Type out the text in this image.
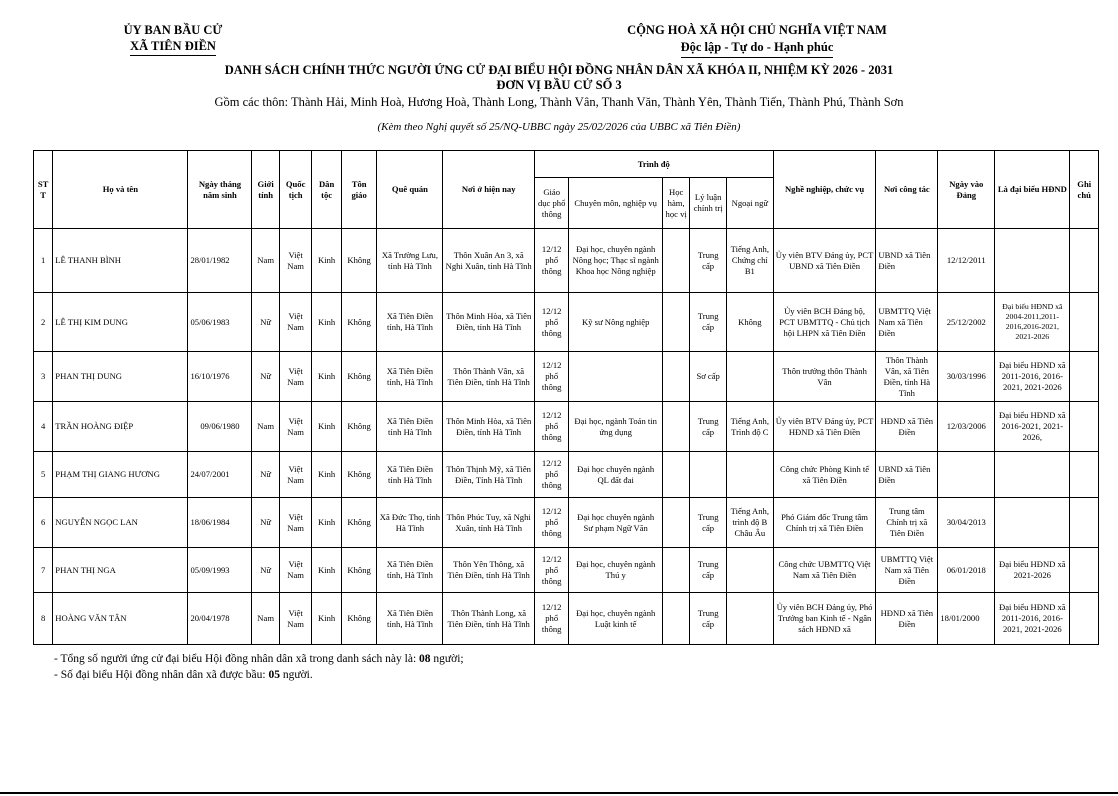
ỦY BAN BẦU CỬ
XÃ TIÊN ĐIỀN
CỘNG HOÀ XÃ HỘI CHỦ NGHĨA VIỆT NAM
Độc lập - Tự do - Hạnh phúc
DANH SÁCH CHÍNH THỨC NGƯỜI ỨNG CỬ ĐẠI BIỂU HỘI ĐỒNG NHÂN DÂN XÃ KHÓA II, NHIỆM KỲ 2026 - 2031
ĐƠN VỊ BẦU CỬ SỐ 3
Gồm các thôn: Thành Hải, Minh Hoà, Hương Hoà, Thành Long, Thành Vân, Thanh Văn, Thành Yên, Thành Tiến, Thành Phú, Thành Sơn
(Kèm theo Nghị quyết số 25/NQ-UBBC ngày 25/02/2026 của UBBC xã Tiên Điền)
STT	Họ và tên	Ngày tháng năm sinh	Giới tính	Quốc tịch	Dân tộc	Tôn giáo	Quê quán	Nơi ở hiện nay	Trình độ					Nghề nghiệp, chức vụ	Nơi công tác	Ngày vào Đảng	Là đại biểu HĐND	Ghi chú
									Giáo dục phổ thông	Chuyên môn, nghiệp vụ	Học hàm, học vị	Lý luận chính trị	Ngoại ngữ					
1	LÊ THANH BÌNH	28/01/1982	Nam	Việt Nam	Kinh	Không	Xã Trường Lưu, tỉnh Hà Tĩnh	Thôn Xuân An 3, xã Nghi Xuân, tỉnh Hà Tĩnh	12/12 phổ thông	Đại học, chuyên ngành Nông học; Thạc sĩ ngành Khoa học Nông nghiệp		Trung cấp	Tiếng Anh, Chứng chỉ B1	Ủy viên BTV Đảng ủy, PCT UBND xã Tiên Điền	UBND xã Tiên Điền	12/12/2011		
2	LÊ THỊ KIM DUNG	05/06/1983	Nữ	Việt Nam	Kinh	Không	Xã Tiên Điền tỉnh, Hà Tĩnh	Thôn Minh Hòa, xã Tiên Điền, tỉnh Hà Tĩnh	12/12 phổ thông	Kỹ sư Nông nghiệp		Trung cấp	Không	Ủy viên BCH Đảng bộ, PCT UBMTTQ - Chủ tịch hội LHPN xã Tiên Điền	UBMTTQ Việt Nam xã Tiên Điền	25/12/2002	Đại biểu HĐND xã 2004-2011,2011-2016,2016-2021, 2021-2026	
3	PHAN THỊ DUNG	16/10/1976	Nữ	Việt Nam	Kinh	Không	Xã Tiên Điền tỉnh, Hà Tĩnh	Thôn Thành Vân, xã Tiên Điền, tỉnh Hà Tĩnh	12/12 phổ thông			Sơ cấp		Thôn trưởng thôn Thành Vân	Thôn Thành Vân, xã Tiên Điền, tỉnh Hà Tĩnh	30/03/1996	Đại biểu HĐND xã 2011-2016, 2016-2021, 2021-2026	
4	TRẦN HOÀNG ĐIỆP	09/06/1980	Nam	Việt Nam	Kinh	Không	Xã Tiên Điền tỉnh Hà Tĩnh	Thôn Minh Hòa, xã Tiên Điền, tỉnh Hà Tĩnh	12/12 phổ thông	Đại học, ngành Toán tin ứng dụng		Trung cấp	Tiếng Anh, Trình độ C	Ủy viên BTV Đảng ủy, PCT HĐND xã Tiên Điền	HĐND xã Tiên Điền	12/03/2006	Đại biểu HĐND xã 2016-2021, 2021-2026,	
5	PHẠM THỊ GIANG HƯƠNG	24/07/2001	Nữ	Việt Nam	Kinh	Không	Xã Tiên Điền tỉnh Hà Tĩnh	Thôn Thịnh Mỹ, xã Tiên Điền, Tỉnh Hà Tĩnh	12/12 phổ thông	Đại học chuyên ngành QL đất đai				Công chức Phòng Kinh tế xã Tiên Điền	UBND xã Tiên Điền			
6	NGUYỄN NGỌC LAN	18/06/1984	Nữ	Việt Nam	Kinh	Không	Xã Đức Thọ, tỉnh Hà Tĩnh	Thôn Phúc Tuy, xã Nghi Xuân, tỉnh Hà Tĩnh	12/12 phổ thông	Đại học chuyên ngành Sư phạm Ngữ Văn		Trung cấp	Tiếng Anh, trình độ B Châu Âu	Phó Giám đốc Trung tâm Chính trị xã Tiên Điền	Trung tâm Chính trị xã Tiên Điền	30/04/2013		
7	PHAN THỊ NGA	05/09/1993	Nữ	Việt Nam	Kinh	Không	Xã Tiên Điền tỉnh, Hà Tĩnh	Thôn Yên Thông, xã Tiên Điền, tỉnh Hà Tĩnh	12/12 phổ thông	Đại học, chuyên ngành Thú y		Trung cấp		Công chức UBMTTQ Việt Nam xã Tiên Điền	UBMTTQ Việt Nam xã Tiên Điền	06/01/2018	Đại biểu HĐND xã 2021-2026	
8	HOÀNG VĂN TÂN	20/04/1978	Nam	Việt Nam	Kinh	Không	Xã Tiên Điền tỉnh, Hà Tĩnh	Thôn Thành Long, xã Tiên Điền, tỉnh Hà Tĩnh	12/12 phổ thông	Đại học, chuyên ngành Luật kinh tế		Trung cấp		Ủy viên BCH Đảng ủy, Phó Trưởng ban Kinh tế - Ngân sách HĐND xã	HĐND xã Tiên Điền	18/01/2000	Đại biểu HĐND xã 2011-2016, 2016-2021, 2021-2026	
- Tổng số người ứng cử đại biểu Hội đồng nhân dân xã trong danh sách này là: 08 người;
- Số đại biểu Hội đồng nhân dân xã được bầu: 05 người.
